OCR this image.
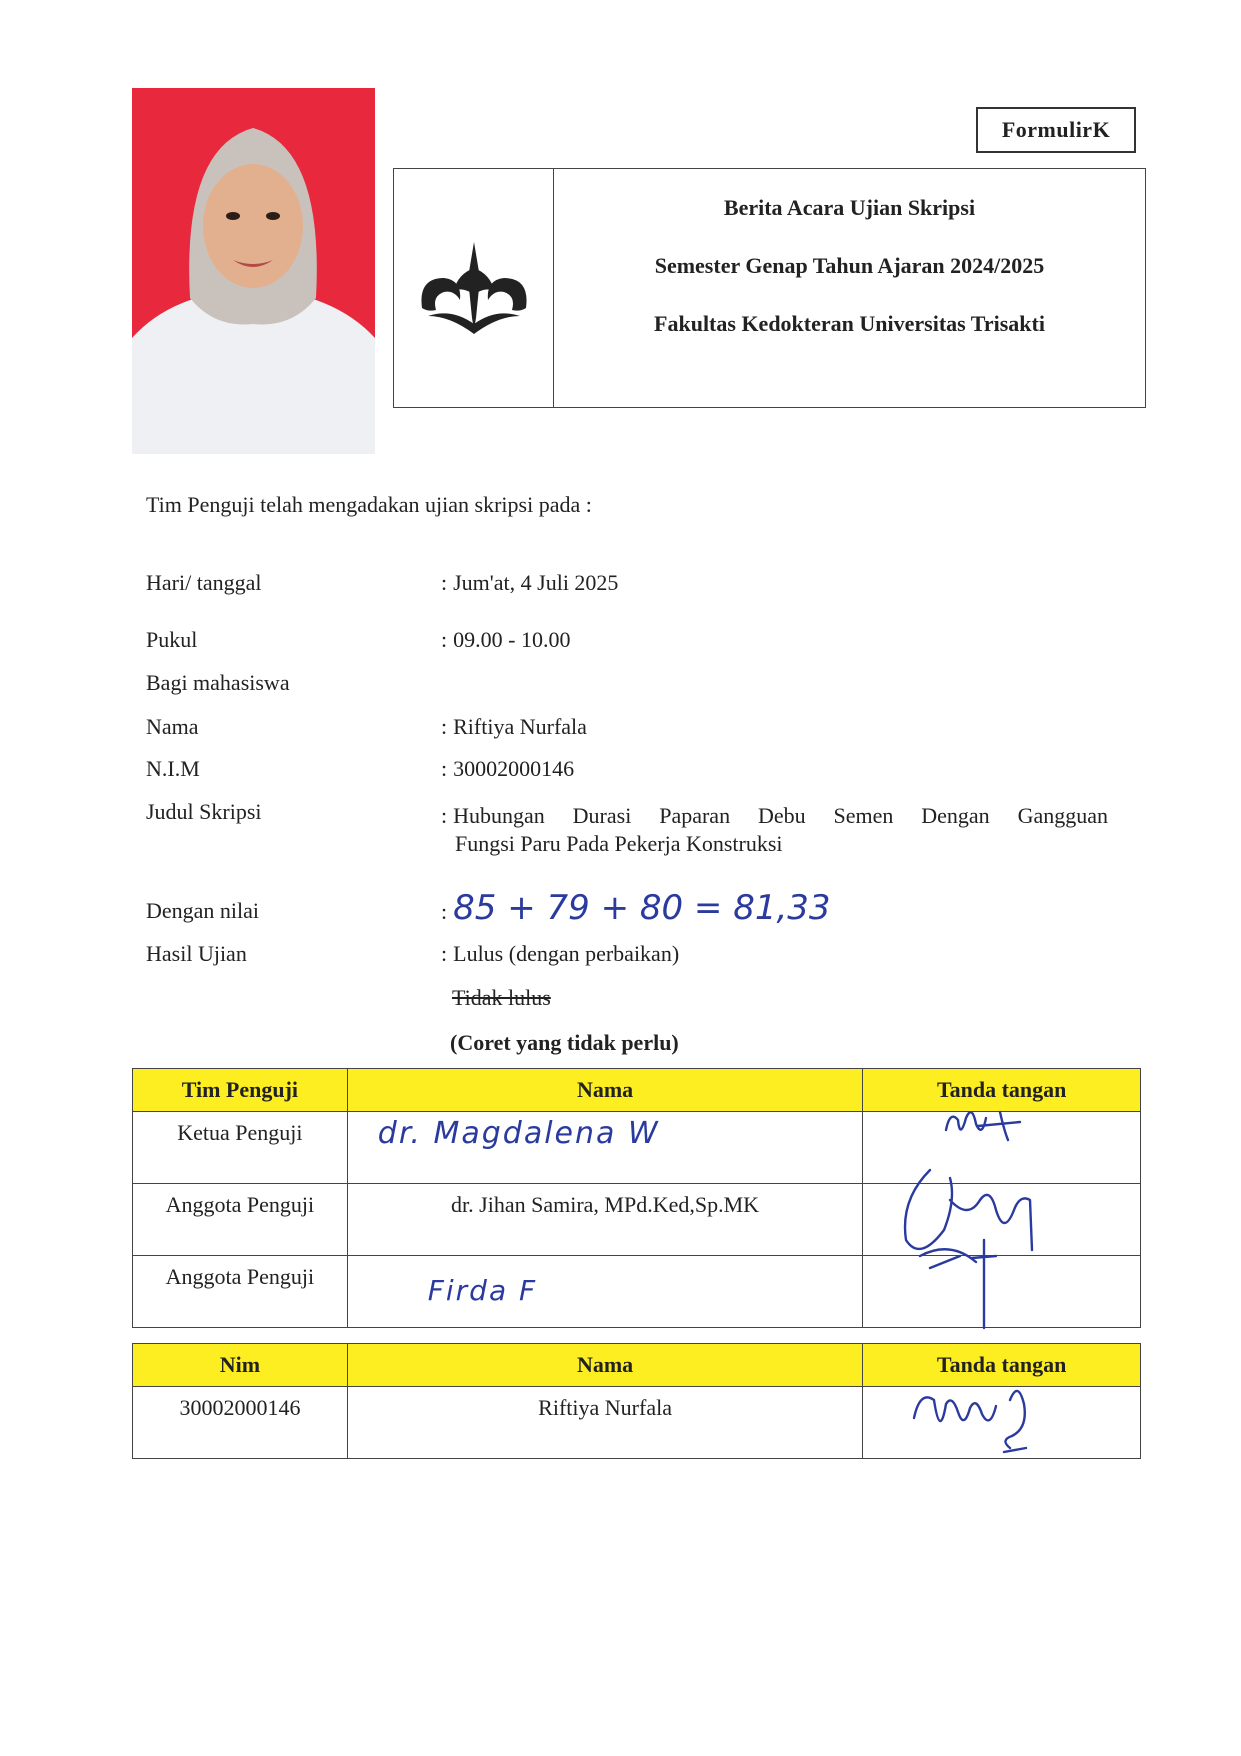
FormulirK
Berita Acara Ujian Skripsi
Semester Genap Tahun Ajaran 2024/2025
Fakultas Kedokteran Universitas Trisakti
Tim Penguji telah mengadakan ujian skripsi pada :
Hari/ tanggal	: Jum'at, 4 Juli 2025
Pukul	: 09.00 - 10.00
Bagi mahasiswa
Nama	: Riftiya Nurfala
N.I.M	: 30002000146
Judul Skripsi	: Hubungan Durasi Paparan Debu Semen Dengan Gangguan
Fungsi Paru Pada Pekerja Konstruksi
Dengan nilai	: 85 + 79 + 80 = 81,33
Hasil Ujian	: Lulus (dengan perbaikan)
Tidak lulus
(Coret yang tidak perlu)
Tim Penguji	Nama	Tanda tangan

Ketua Penguji	dr. Magdalena W	

Anggota Penguji	dr. Jihan Samira, MPd.Ked,Sp.MK	

Anggota Penguji	Firda F	

Nim	Nama	Tanda tangan

30002000146	Riftiya Nurfala	
